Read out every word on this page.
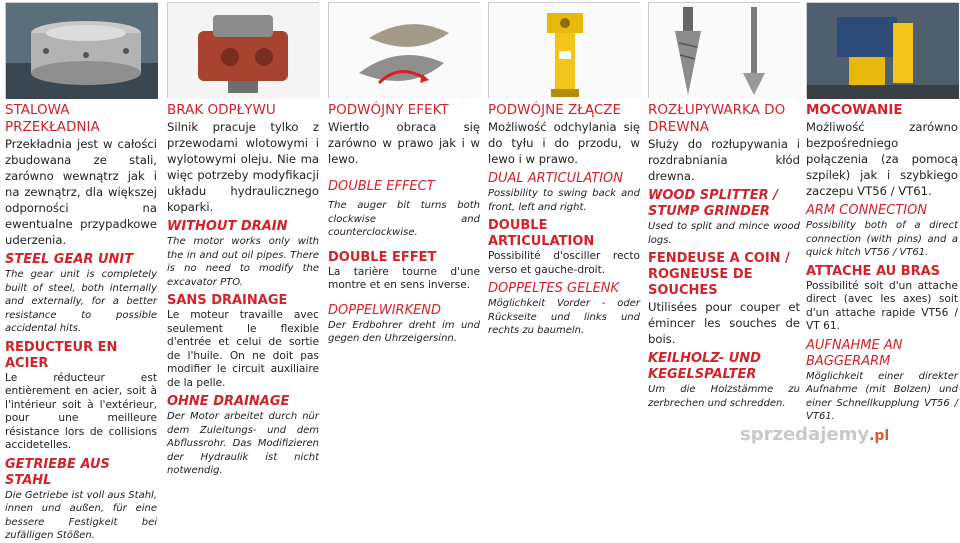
STALOWA PRZEKŁADNIA

Przekładnia jest w całości zbudowana ze stali, zarówno wewnątrz jak i na zewnątrz, dla większej odporności na ewentualne przypadkowe uderzenia.

STEEL GEAR UNIT

The gear unit is completely built of steel, both internally and externally, for a better resistance to possible accidental hits.

REDUCTEUR EN ACIER

Le réducteur est entièrement en acier, soit à l'intérieur soit à l'extérieur, pour une meilleure résistance lors de collisions accidetelles.

GETRIEBE AUS STAHL

Die Getriebe ist voll aus Stahl, innen und außen, für eine bessere Festigkeit bei zufälligen Stößen.

BRAK ODPŁYWU

Silnik pracuje tylko z przewodami wlotowymi i wylotowymi oleju. Nie ma więc potrzeby modyfikacji układu hydraulicznego koparki.

WITHOUT DRAIN

The motor works only with the in and out oil pipes. There is no need to modify the excavator PTO.

SANS DRAINAGE

Le moteur travaille avec seulement le flexible d'entrée et celui de sortie de l'huile. On ne doit pas modifier le circuit auxiliaire de la pelle.

OHNE DRAINAGE

Der Motor arbeitet durch nür dem Zuleitungs- und dem Abflussrohr. Das Modifizieren der Hydraulik ist nicht notwendig.

PODWÓJNY EFEKT

Wiertło obraca się zarówno w prawo jak i w lewo.

DOUBLE EFFECT

The auger bit turns both clockwise and counterclockwise.

DOUBLE EFFET

La tarière tourne d'une montre et en sens inverse.

DOPPELWIRKEND

Der Erdbohrer dreht im und gegen den Uhrzeigersinn.

PODWÓJNE ZŁĄCZE

Możliwość odchylania się do tyłu i do przodu, w lewo i w prawo.

DUAL ARTICULATION

Possibility to swing back and front, left and right.

DOUBLE ARTICULATION

Possibilité d'osciller recto verso et gauche-droit.

DOPPELTES GELENK

Möglichkeit Vorder - oder Rückseite und links und rechts zu baumeln.

ROZŁUPYWARKA DO DREWNA

Służy do rozłupywania i rozdrabniania kłód drewna.

WOOD SPLITTER / STUMP GRINDER

Used to split and mince wood logs.

FENDEUSE A COIN / ROGNEUSE DE SOUCHES

Utilisées pour couper et émincer les souches de bois.

KEILHOLZ- UND KEGELSPALTER

Um die Holzstämme zu zerbrechen und schredden.

MOCOWANIE

Możliwość zarówno bezpośredniego połączenia (za pomocą szpilek) jak i szybkiego zaczepu VT56 / VT61.

ARM CONNECTION

Possibility both of a direct connection (with pins) and a quick hitch VT56 / VT61.

ATTACHE AU BRAS

Possibilité soit d'un attache direct (avec les axes) soit d'un attache rapide VT56 / VT 61.

AUFNAHME AN BAGGERARM

Möglichkeit einer direkter Aufnahme (mit Bolzen) und einer Schnellkupplung VT56 / VT61.

sprzedajemy.pl
